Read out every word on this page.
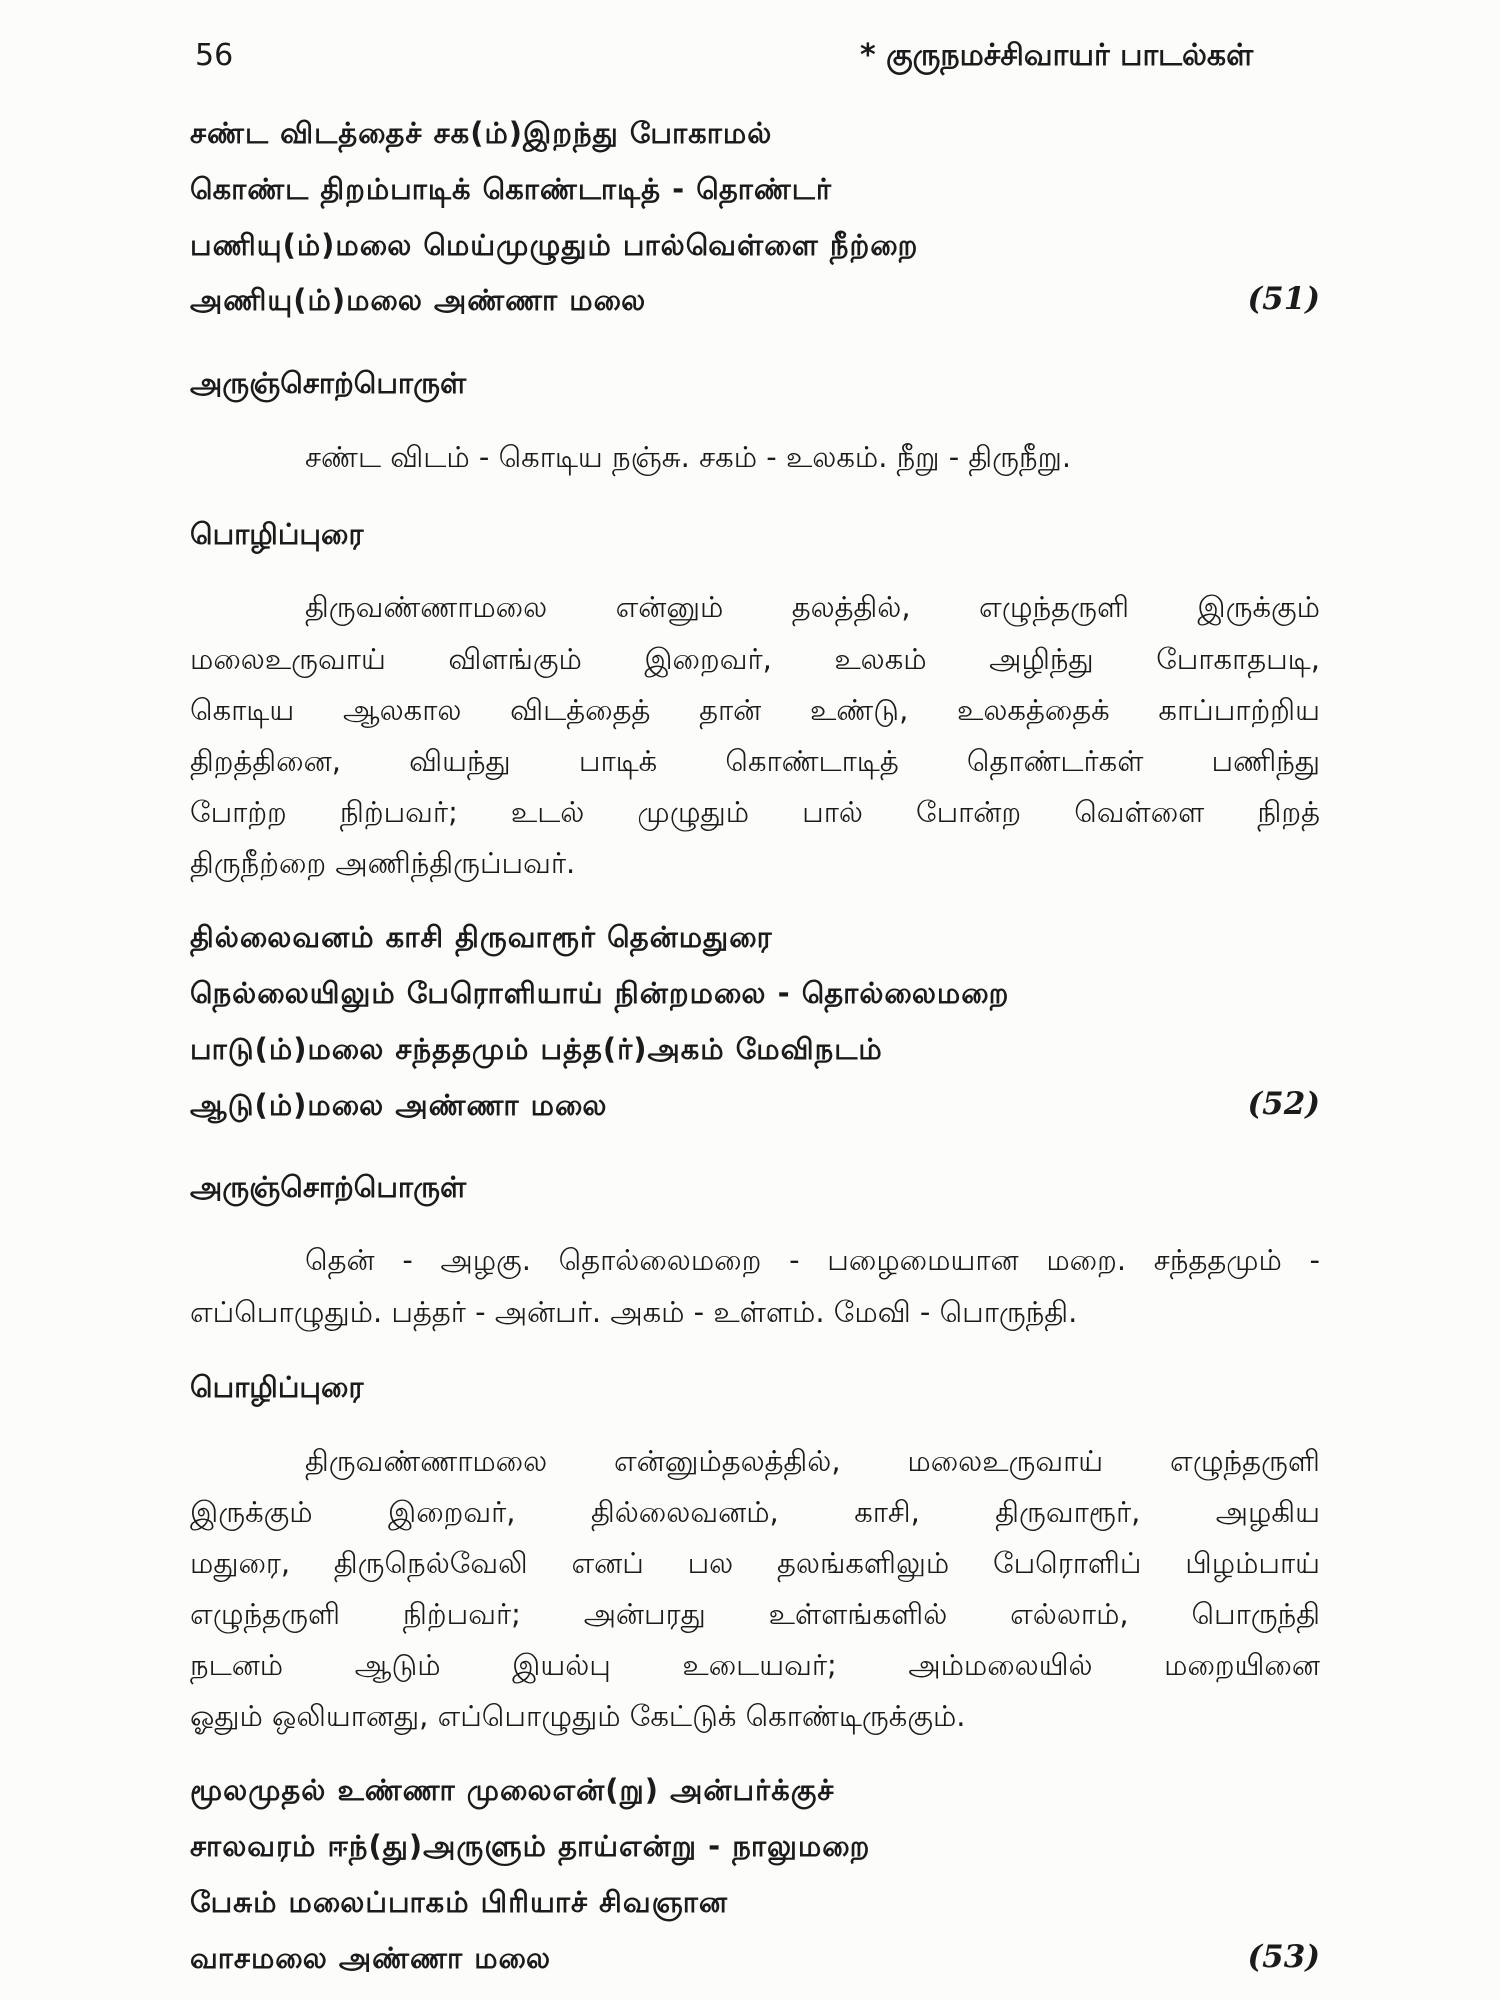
56	* குருநமச்சிவாயர் பாடல்கள்
சண்ட விடத்தைச் சக(ம்)இறந்து போகாமல்
கொண்ட திறம்பாடிக் கொண்டாடித் - தொண்டர்
பணியு(ம்)மலை மெய்முழுதும் பால்வெள்ளை நீற்றை
அணியு(ம்)மலை அண்ணா மலை	(51)
அருஞ்சொற்பொருள்
சண்ட விடம் - கொடிய நஞ்சு. சகம் - உலகம். நீறு - திருநீறு.
பொழிப்புரை
திருவண்ணாமலை என்னும் தலத்தில், எழுந்தருளி இருக்கும்
மலைஉருவாய் விளங்கும் இறைவர், உலகம் அழிந்து போகாதபடி,
கொடிய ஆலகால விடத்தைத் தான் உண்டு, உலகத்தைக் காப்பாற்றிய
திறத்தினை, வியந்து பாடிக் கொண்டாடித் தொண்டர்கள் பணிந்து
போற்ற நிற்பவர்; உடல் முழுதும் பால் போன்ற வெள்ளை நிறத்
திருநீற்றை அணிந்திருப்பவர்.
தில்லைவனம் காசி திருவாரூர் தென்மதுரை
நெல்லையிலும் பேரொளியாய் நின்றமலை - தொல்லைமறை
பாடு(ம்)மலை சந்ததமும் பத்த(ர்)அகம் மேவிநடம்
ஆடு(ம்)மலை அண்ணா மலை	(52)
அருஞ்சொற்பொருள்
தென் - அழகு. தொல்லைமறை - பழைமையான மறை. சந்ததமும் -
எப்பொழுதும். பத்தர் - அன்பர். அகம் - உள்ளம். மேவி - பொருந்தி.
பொழிப்புரை
திருவண்ணாமலை என்னும்தலத்தில், மலைஉருவாய் எழுந்தருளி
இருக்கும் இறைவர், தில்லைவனம், காசி, திருவாரூர், அழகிய
மதுரை, திருநெல்வேலி எனப் பல தலங்களிலும் பேரொளிப் பிழம்பாய்
எழுந்தருளி நிற்பவர்; அன்பரது உள்ளங்களில் எல்லாம், பொருந்தி
நடனம் ஆடும் இயல்பு உடையவர்; அம்மலையில் மறையினை
ஓதும் ஒலியானது, எப்பொழுதும் கேட்டுக் கொண்டிருக்கும்.
மூலமுதல் உண்ணா முலைஎன்(று) அன்பர்க்குச்
சாலவரம் ஈந்(து)அருளும் தாய்என்று - நாலுமறை
பேசும் மலைப்பாகம் பிரியாச் சிவஞான
வாசமலை அண்ணா மலை	(53)
